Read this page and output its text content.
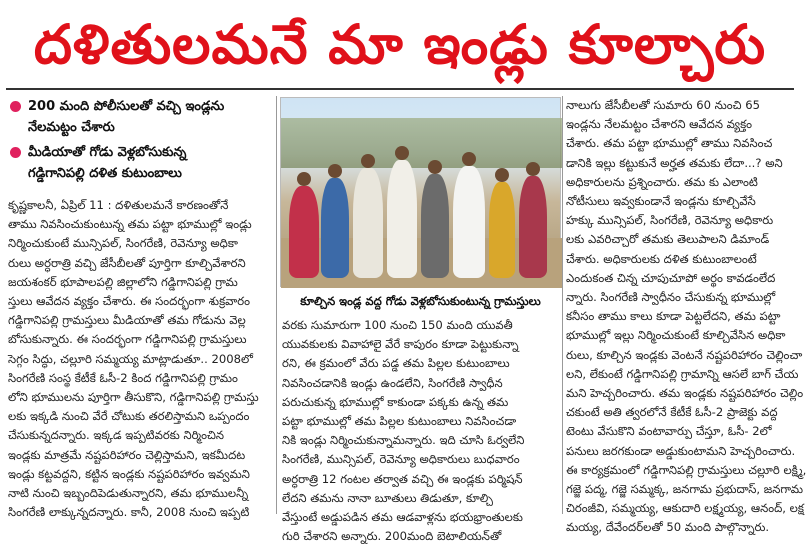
దళితులమనే మా ఇండ్లు కూల్చారు
200 మంది పోలీసులతో వచ్చి ఇండ్లను
నేలమట్టం చేశారు
మీడియాతో గోడు వెళ్లబోసుకున్న
గడ్డిగానిపల్లి దళిత కుటుంబాలు
కృష్ణకాలనీ, ఏప్రిల్ 11 : దళితులమనే కారణంతోనే
తాము నివసించుకుంటున్న తమ పట్టా భూముల్లో ఇండ్లు
నిర్మించుకుంటే మున్సిపల్, సింగరేణి, రెవెన్యూ అధికా
రులు అర్ధరాత్రి వచ్చి జేసీబీలతో పూర్తిగా కూల్చివేశారని
జయశంకర్ భూపాలపల్లి జిల్లాలోని గడ్డిగానిపల్లి గ్రామ
స్తులు ఆవేదన వ్యక్తం చేశారు. ఈ సందర్భంగా శుక్రవారం
గడ్డిగానిపల్లి గ్రామస్తులు మీడియాతో తమ గోడును వెల్ల
బోసుకున్నారు. ఈ సందర్భంగా గడ్డిగానిపల్లి గ్రామస్తులు
సెగ్గం సిద్ధు, చల్లూరి సమ్మయ్య మాట్లాడుతూ.. 2008లో
సింగరేణి సంస్థ కేటీకే ఓసీ-2 కింద గడ్డిగానిపల్లి గ్రామం
లోని భూములను పూర్తిగా తీసుకొని, గడ్డిగానిపల్లి గ్రామస్తు
లకు ఇక్కడి నుంచి వేరే చోటుకు తరలిస్తామని ఒప్పందం
చేసుకున్నదన్నారు. ఇక్కడ ఇప్పటివరకు నిర్మించిన
ఇండ్లకు మాత్రమే నష్టపరిహారం చెల్లిస్తామని, ఇకమీదట
ఇండ్లు కట్టవద్దని, కట్టిన ఇండ్లకు నష్టపరిహారం ఇవ్వమని
నాటి నుంచి ఇబ్బందిపెడుతున్నారని, తమ భూములన్నీ
సింగరేణి లాక్కున్నదన్నారు. కానీ, 2008 నుంచి ఇప్పటి
కూల్చిన ఇండ్ల వద్ద గోడు వెళ్లబోసుకుంటున్న గ్రామస్తులు
వరకు సుమారుగా 100 నుంచి 150 మంది యువతీ
యువకులకు వివాహాలై వేరే కాపురం కూడా పెట్టుకున్నా
రని, ఈ క్రమంలో వేరు పడ్డ తమ పిల్లల కుటుంబాలు
నివసించడానికి ఇండ్లు ఉండలేని, సింగరేణి స్వాధీన
పరుచుకున్న భూముల్లో కాకుండా పక్కకు ఉన్న తమ
పట్టా భూముల్లో తమ పిల్లల కుటుంబాలు నివసించడా
నికి ఇండ్లు నిర్మించుకున్నామన్నారు. ఇది చూసి ఓర్వలేని
సింగరేణి, మున్సిపల్, రెవెన్యూ అధికారులు బుధవారం
అర్ధరాత్రి 12 గంటల తర్వాత వచ్చి ఈ ఇండ్లకు పర్మిషన్
లేదని తమను నానా బూతులు తిడుతూ, కూల్చి
వేస్తుంటే అడ్డుపడిన తమ ఆడవాళ్లను భయభ్రాంతులకు
గురి చేశారని అన్నారు. 200మంది బెటాలియన్‌తో
నాలుగు జేసీబీలతో సుమారు 60 నుంచి 65
ఇండ్లను నేలమట్టం చేశారని ఆవేదన వ్యక్తం
చేశారు. తమ పట్టా భూముల్లో తాము నివసించ
డానికి ఇల్లు కట్టుకునే అర్హత తమకు లేదా...? అని
అధికారులను ప్రశ్నించారు. తమ కు ఎలాంటి
నోటీసులు ఇవ్వకుండానే ఇండ్లను కూల్చివేసే
హక్కు మున్సిపల్, సింగరేణి, రెవెన్యూ అధికారు
లకు ఎవరిచ్చారో తమకు తెలుపాలని డిమాండ్
చేశారు. అధికారులకు దళిత కుటుంబాలంటే
ఎందుకంత చిన్న చూపుచూపో అర్థం కావడంలేద
న్నారు. సింగరేణి స్వాధీనం చేసుకున్న భూముల్లో
కనీసం తాము కాలు కూడా పెట్టలేదని, తమ పట్టా
భూముల్లో ఇల్లు నిర్మించుకుంటే కూల్చివేసిన అధికా
రులు, కూల్చిన ఇండ్లకు వెంటనే నష్టపరిహారం చెల్లించా
లని, లేకుంటే గడ్డిగానిపల్లి గ్రామాన్ని ఆసలే బాగ్ చేయ
మని హెచ్చరించారు. తమ ఇండ్లకు నష్టపరిహారం చెల్లిం
చకుంటే అతి త్వరలోనే కేటీకే ఓసీ-2 ప్రాజెక్టు వద్ద
టెంటు వేసుకొని వంటావార్పు చేస్తూ, ఓసీ- 2లో
పనులు జరగకుండా అడ్డుకుంటామని హెచ్చరించారు.
ఈ కార్యక్రమంలో గడ్డిగానిపల్లి గ్రామస్తులు చల్లూరి లక్ష్మి,
గజ్జె పద్మ, గజ్జె సమ్మక్క, జనగామ ప్రభుదాస్, జనగామ
చిరంజీవి, సమ్మయ్య, ఆకుదారి లక్ష్మయ్య, ఆనంద్, లక్ష
మయ్య, దేవేందర్‌లతో 50 మంది పాల్గొన్నారు.
